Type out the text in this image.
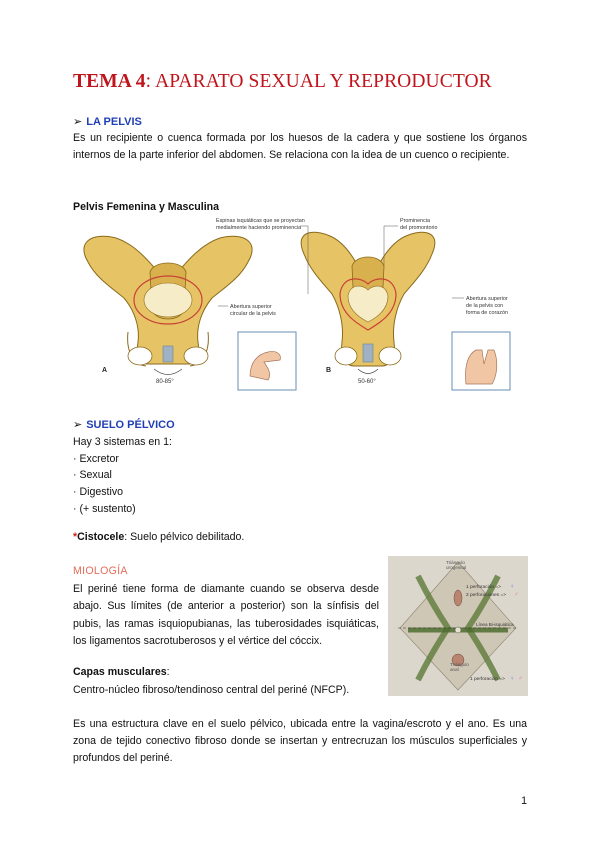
TEMA 4: APARATO SEXUAL Y REPRODUCTOR
➢ LA PELVIS
Es un recipiente o cuenca formada por los huesos de la cadera y que sostiene los órganos internos de la parte inferior del abdomen. Se relaciona con la idea de un cuenco o recipiente.
Pelvis Femenina y Masculina
A
80-85°
Abertura superior
circular de la pelvis
B
50-60°
Espinas isquiáticas que se proyectan
medialmente haciendo prominencia
Prominencia
del promontorio
Abertura superior
de la pelvis con
forma de corazón
➢ SUELO PÉLVICO
Hay 3 sistemas en 1:
· Excretor
· Sexual
· Digestivo
· (+ sustento)
*Cistocele: Suelo pélvico debilitado.
MIOLOGÍA
El periné tiene forma de diamante cuando se observa desde abajo. Sus límites (de anterior a posterior) son la sínfisis del pubis, las ramas isquiopubianas, las tuberosidades isquiáticas, los ligamentos sacrotuberosos y el vértice del cóccix.
Capas musculares:
Centro-núcleo fibroso/tendinoso central del periné (NFCP).
Triángulo
urogenital
1 perforación => ♀
2 perforaciones => ♂
Línea Bi-isquiática
Triángulo
anal
1 perforación => ♀ ♂
Es una estructura clave en el suelo pélvico, ubicada entre la vagina/escroto y el ano. Es una zona de tejido conectivo fibroso donde se insertan y entrecruzan los músculos superficiales y profundos del periné.
1
